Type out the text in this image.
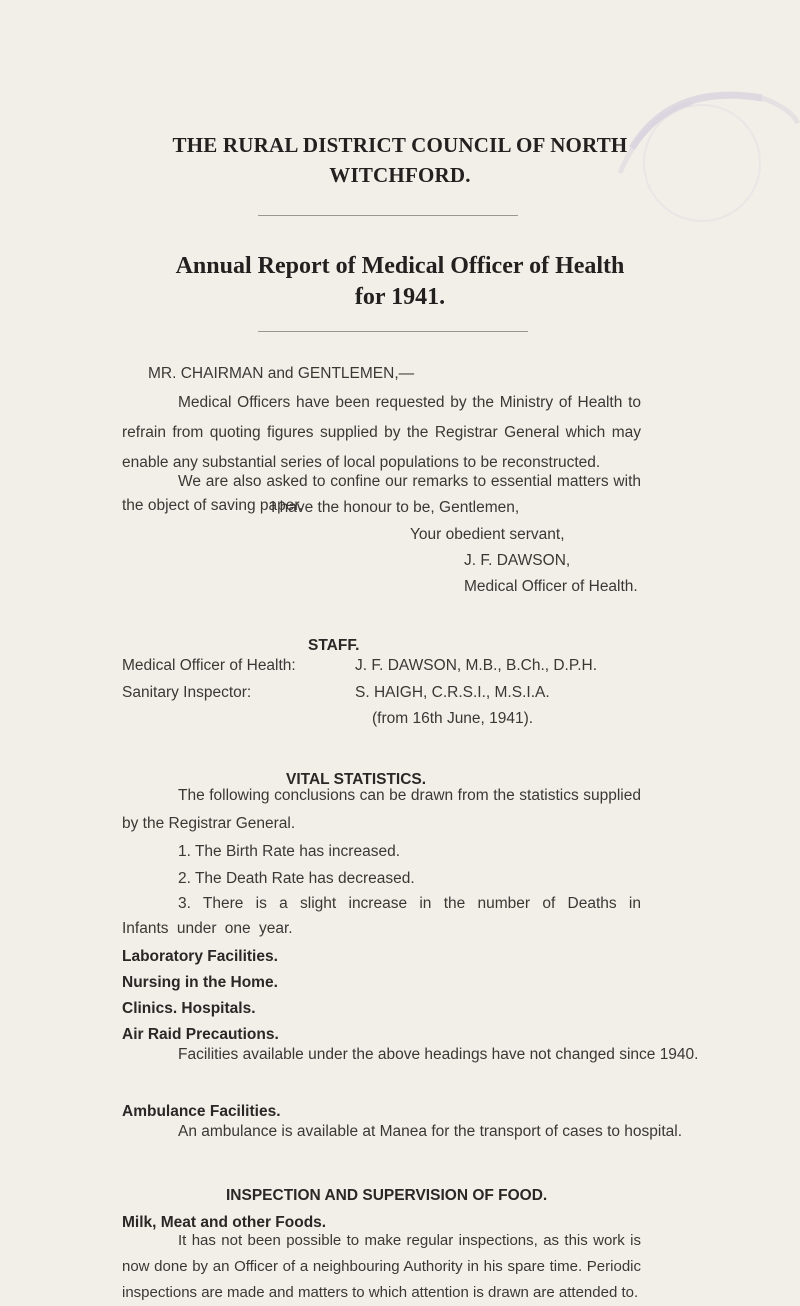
THE RURAL DISTRICT COUNCIL OF NORTH
WITCHFORD.
Annual Report of Medical Officer of Health
for 1941.
MR. CHAIRMAN and GENTLEMEN,—
Medical Officers have been requested by the Ministry of Health to refrain from quoting figures supplied by the Registrar General which may enable any substantial series of local populations to be reconstructed.
We are also asked to confine our remarks to essential matters with the object of saving paper.
I have the honour to be, Gentlemen,
Your obedient servant,
J. F. DAWSON,
Medical Officer of Health.
STAFF.
Medical Officer of Health:	J. F. DAWSON, M.B., B.Ch., D.P.H.
Sanitary Inspector:	S. HAIGH, C.R.S.I., M.S.I.A.
(from 16th June, 1941).
VITAL STATISTICS.
The following conclusions can be drawn from the statistics supplied by the Registrar General.
1. The Birth Rate has increased.
2. The Death Rate has decreased.
3. There is a slight increase in the number of Deaths in Infants under one year.
Laboratory Facilities.
Nursing in the Home.
Clinics. Hospitals.
Air Raid Precautions.
Facilities available under the above headings have not changed since 1940.
Ambulance Facilities.
An ambulance is available at Manea for the transport of cases to hospital.
INSPECTION AND SUPERVISION OF FOOD.
Milk, Meat and other Foods.
It has not been possible to make regular inspections, as this work is now done by an Officer of a neighbouring Authority in his spare time. Periodic inspections are made and matters to which attention is drawn are attended to.
